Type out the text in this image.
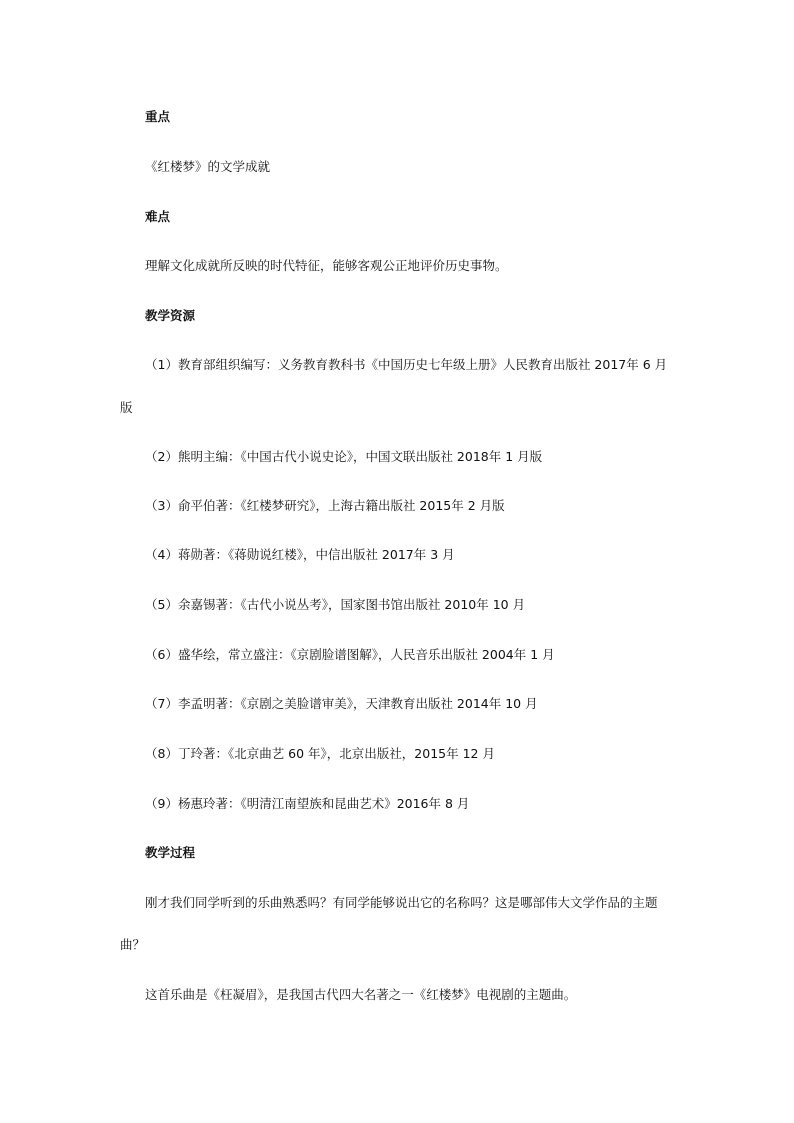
重点
《红楼梦》的文学成就
难点
理解文化成就所反映的时代特征，能够客观公正地评价历史事物。
教学资源
（1）教育部组织编写：义务教育教科书《中国历史七年级上册》人民教育出版社 2017年 6 月
版
（2）熊明主编：《中国古代小说史论》，中国文联出版社 2018年 1 月版
（3）俞平伯著：《红楼梦研究》，上海古籍出版社 2015年 2 月版
（4）蒋勋著：《蒋勋说红楼》，中信出版社 2017年 3 月
（5）余嘉锡著：《古代小说丛考》，国家图书馆出版社 2010年 10 月
（6）盛华绘，常立盛注：《京剧脸谱图解》，人民音乐出版社 2004年 1 月
（7）李孟明著：《京剧之美脸谱审美》，天津教育出版社 2014年 10 月
（8）丁玲著：《北京曲艺 60 年》，北京出版社，2015年 12 月
（9）杨惠玲著：《明清江南望族和昆曲艺术》2016年 8 月
教学过程
刚才我们同学听到的乐曲熟悉吗？有同学能够说出它的名称吗？这是哪部伟大文学作品的主题
曲？
这首乐曲是《枉凝眉》，是我国古代四大名著之一《红楼梦》电视剧的主题曲。
